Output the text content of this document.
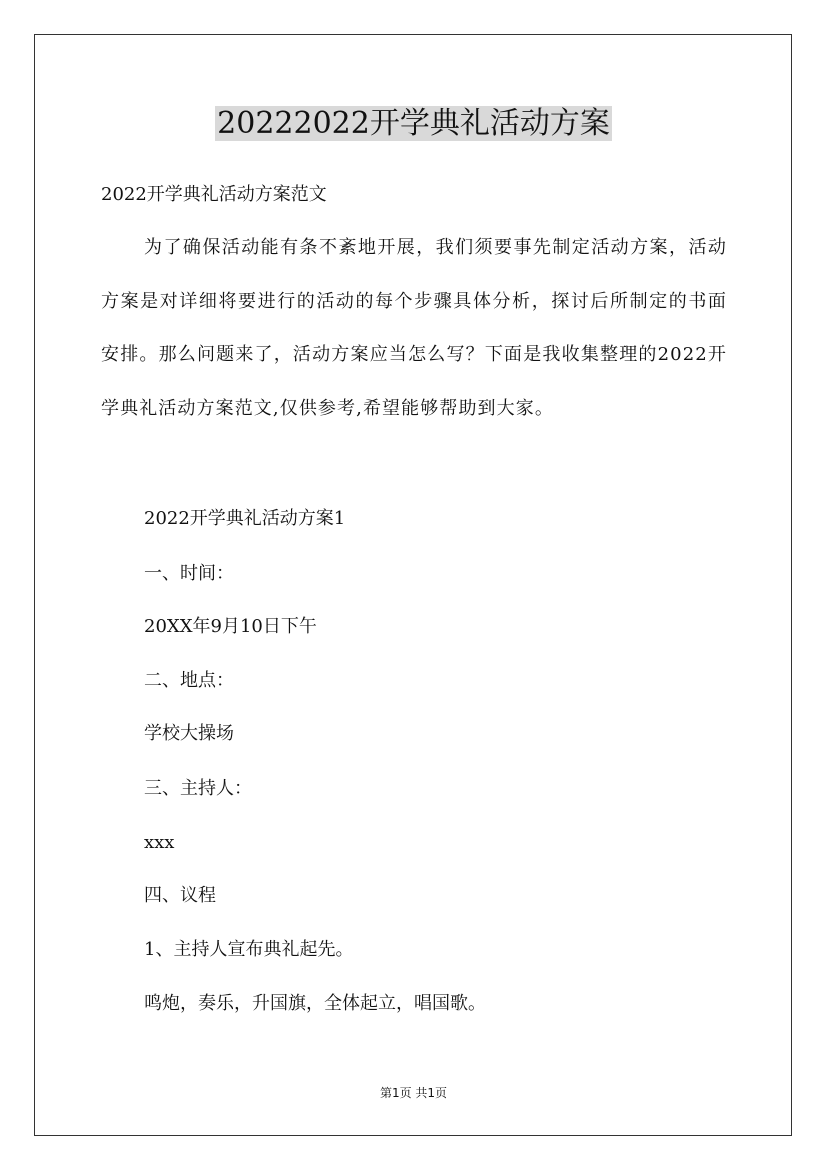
20222022开学典礼活动方案
2022开学典礼活动方案范文
为了确保活动能有条不紊地开展，我们须要事先制定活动方案，活动方案是对详细将要进行的活动的每个步骤具体分析，探讨后所制定的书面安排。那么问题来了，活动方案应当怎么写？下面是我收集整理的2022开学典礼活动方案范文,仅供参考,希望能够帮助到大家。
2022开学典礼活动方案1
一、时间：
20XX年9月10日下午
二、地点：
学校大操场
三、主持人：
xxx
四、议程
1、主持人宣布典礼起先。
鸣炮，奏乐，升国旗，全体起立，唱国歌。
第1页 共1页
